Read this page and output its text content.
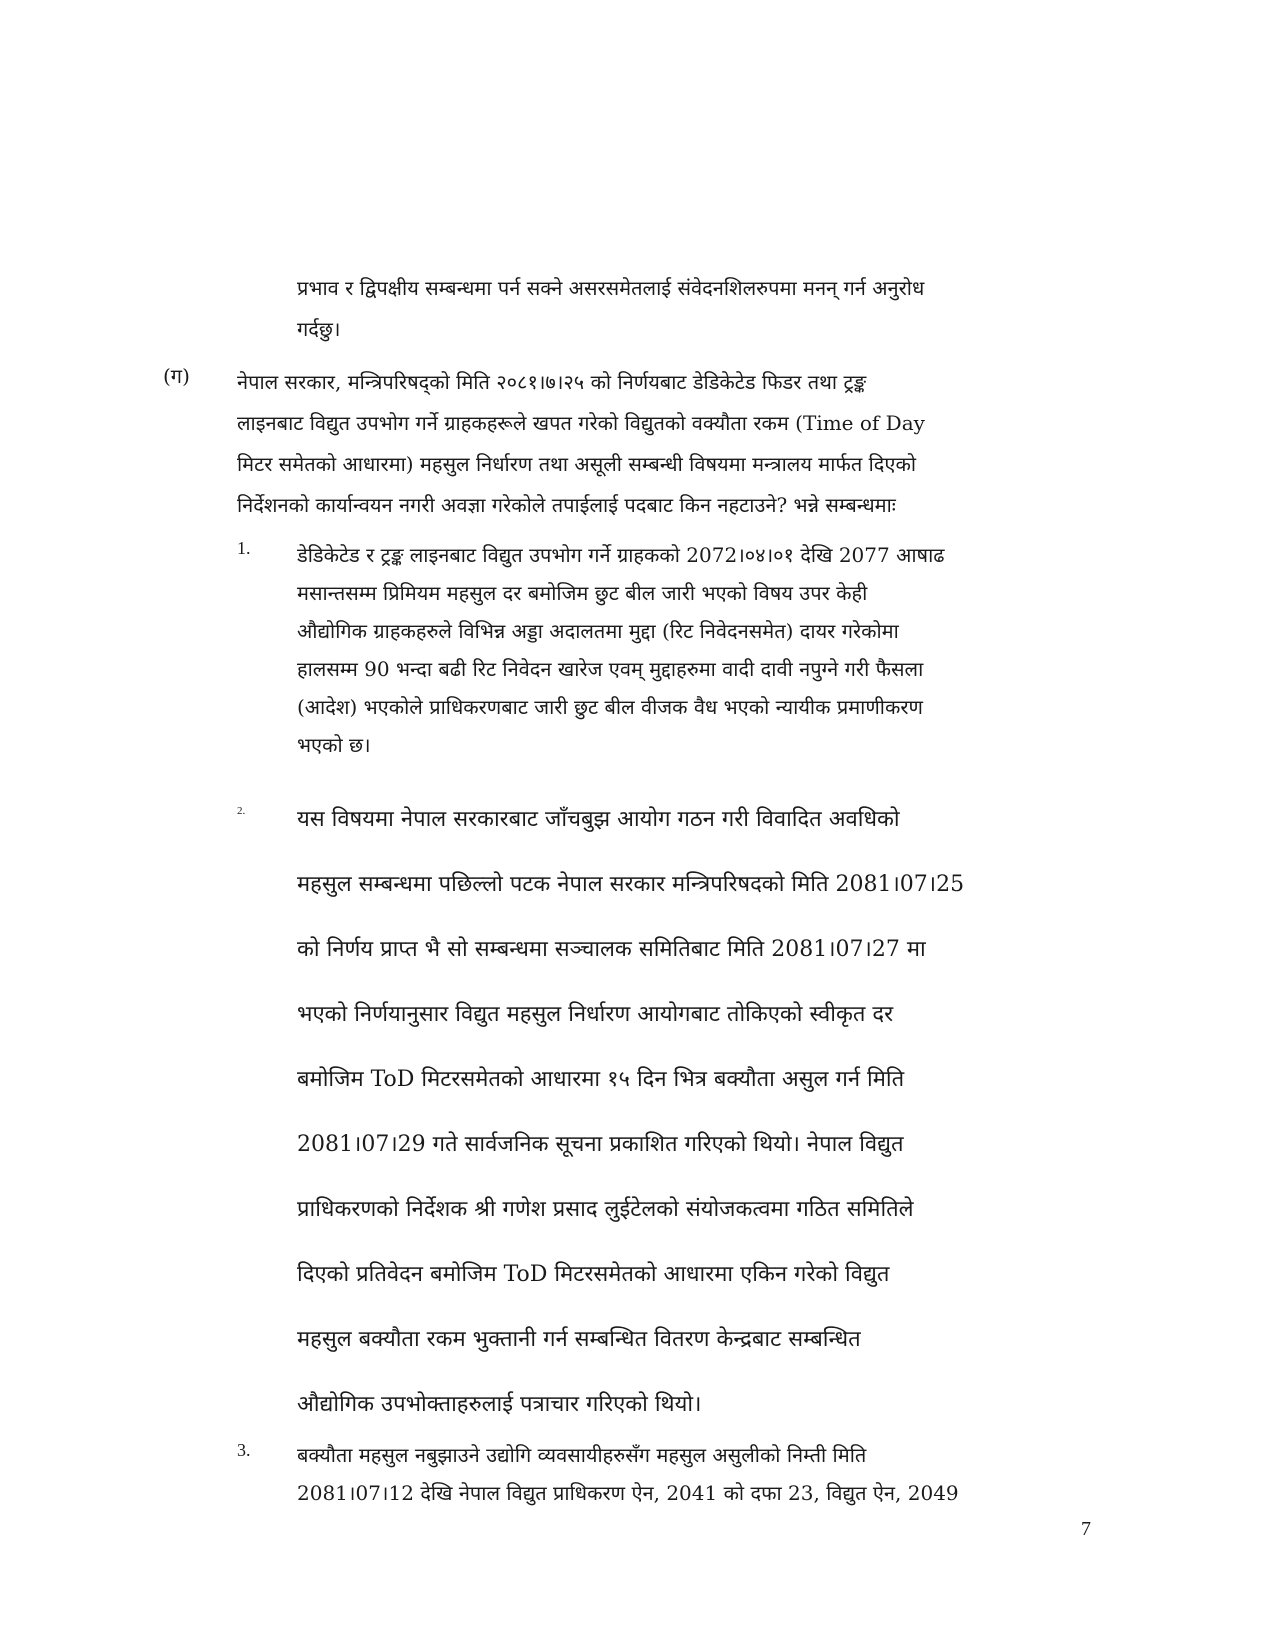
प्रभाव र द्विपक्षीय सम्बन्धमा पर्न सक्ने असरसमेतलाई संवेदनशिलरुपमा मनन् गर्न अनुरोध
गर्दछु।
(ग) नेपाल सरकार, मन्त्रिपरिषद्को मिति २०८१।७।२५ को निर्णयबाट डेडिकेटेड फिडर तथा ट्रङ्क
लाइनबाट विद्युत उपभोग गर्ने ग्राहकहरूले खपत गरेको विद्युतको वक्यौता रकम (Time of Day
मिटर समेतको आधारमा) महसुल निर्धारण तथा असूली सम्बन्धी विषयमा मन्त्रालय मार्फत दिएको
निर्देशनको कार्यान्वयन नगरी अवज्ञा गरेकोले तपाईलाई पदबाट किन नहटाउने? भन्ने सम्बन्धमाः
1. डेडिकेटेड र ट्रङ्क लाइनबाट विद्युत उपभोग गर्ने ग्राहकको 2072।०४।०१ देखि 2077 आषाढ
मसान्तसम्म प्रिमियम महसुल दर बमोजिम छुट बील जारी भएको विषय उपर केही
औद्योगिक ग्राहकहरुले विभिन्न अड्डा अदालतमा मुद्दा (रिट निवेदनसमेत) दायर गरेकोमा
हालसम्म 90 भन्दा बढी रिट निवेदन खारेज एवम् मुद्दाहरुमा वादी दावी नपुग्ने गरी फैसला
(आदेश) भएकोले प्राधिकरणबाट जारी छुट बील वीजक वैध भएको न्यायीक प्रमाणीकरण
भएको छ।
2. यस विषयमा नेपाल सरकारबाट जाँचबुझ आयोग गठन गरी विवादित अवधिको
महसुल सम्बन्धमा पछिल्लो पटक नेपाल सरकार मन्त्रिपरिषदको मिति 2081।07।25
को निर्णय प्राप्त भै सो सम्बन्धमा सञ्चालक समितिबाट मिति 2081।07।27 मा
भएको निर्णयानुसार विद्युत महसुल निर्धारण आयोगबाट तोकिएको स्वीकृत दर
बमोजिम ToD मिटरसमेतको आधारमा १५ दिन भित्र बक्यौता असुल गर्न मिति
2081।07।29 गते सार्वजनिक सूचना प्रकाशित गरिएको थियो। नेपाल विद्युत
प्राधिकरणको निर्देशक श्री गणेश प्रसाद लुईटेलको संयोजकत्वमा गठित समितिले
दिएको प्रतिवेदन बमोजिम ToD मिटरसमेतको आधारमा एकिन गरेको विद्युत
महसुल बक्यौता रकम भुक्तानी गर्न सम्बन्धित वितरण केन्द्रबाट सम्बन्धित
औद्योगिक उपभोक्ताहरुलाई पत्राचार गरिएको थियो।
3. बक्यौता महसुल नबुझाउने उद्योगि व्यवसायीहरुसँग महसुल असुलीको निम्ती मिति
2081।07।12 देखि नेपाल विद्युत प्राधिकरण ऐन, 2041 को दफा 23, विद्युत ऐन, 2049
7
